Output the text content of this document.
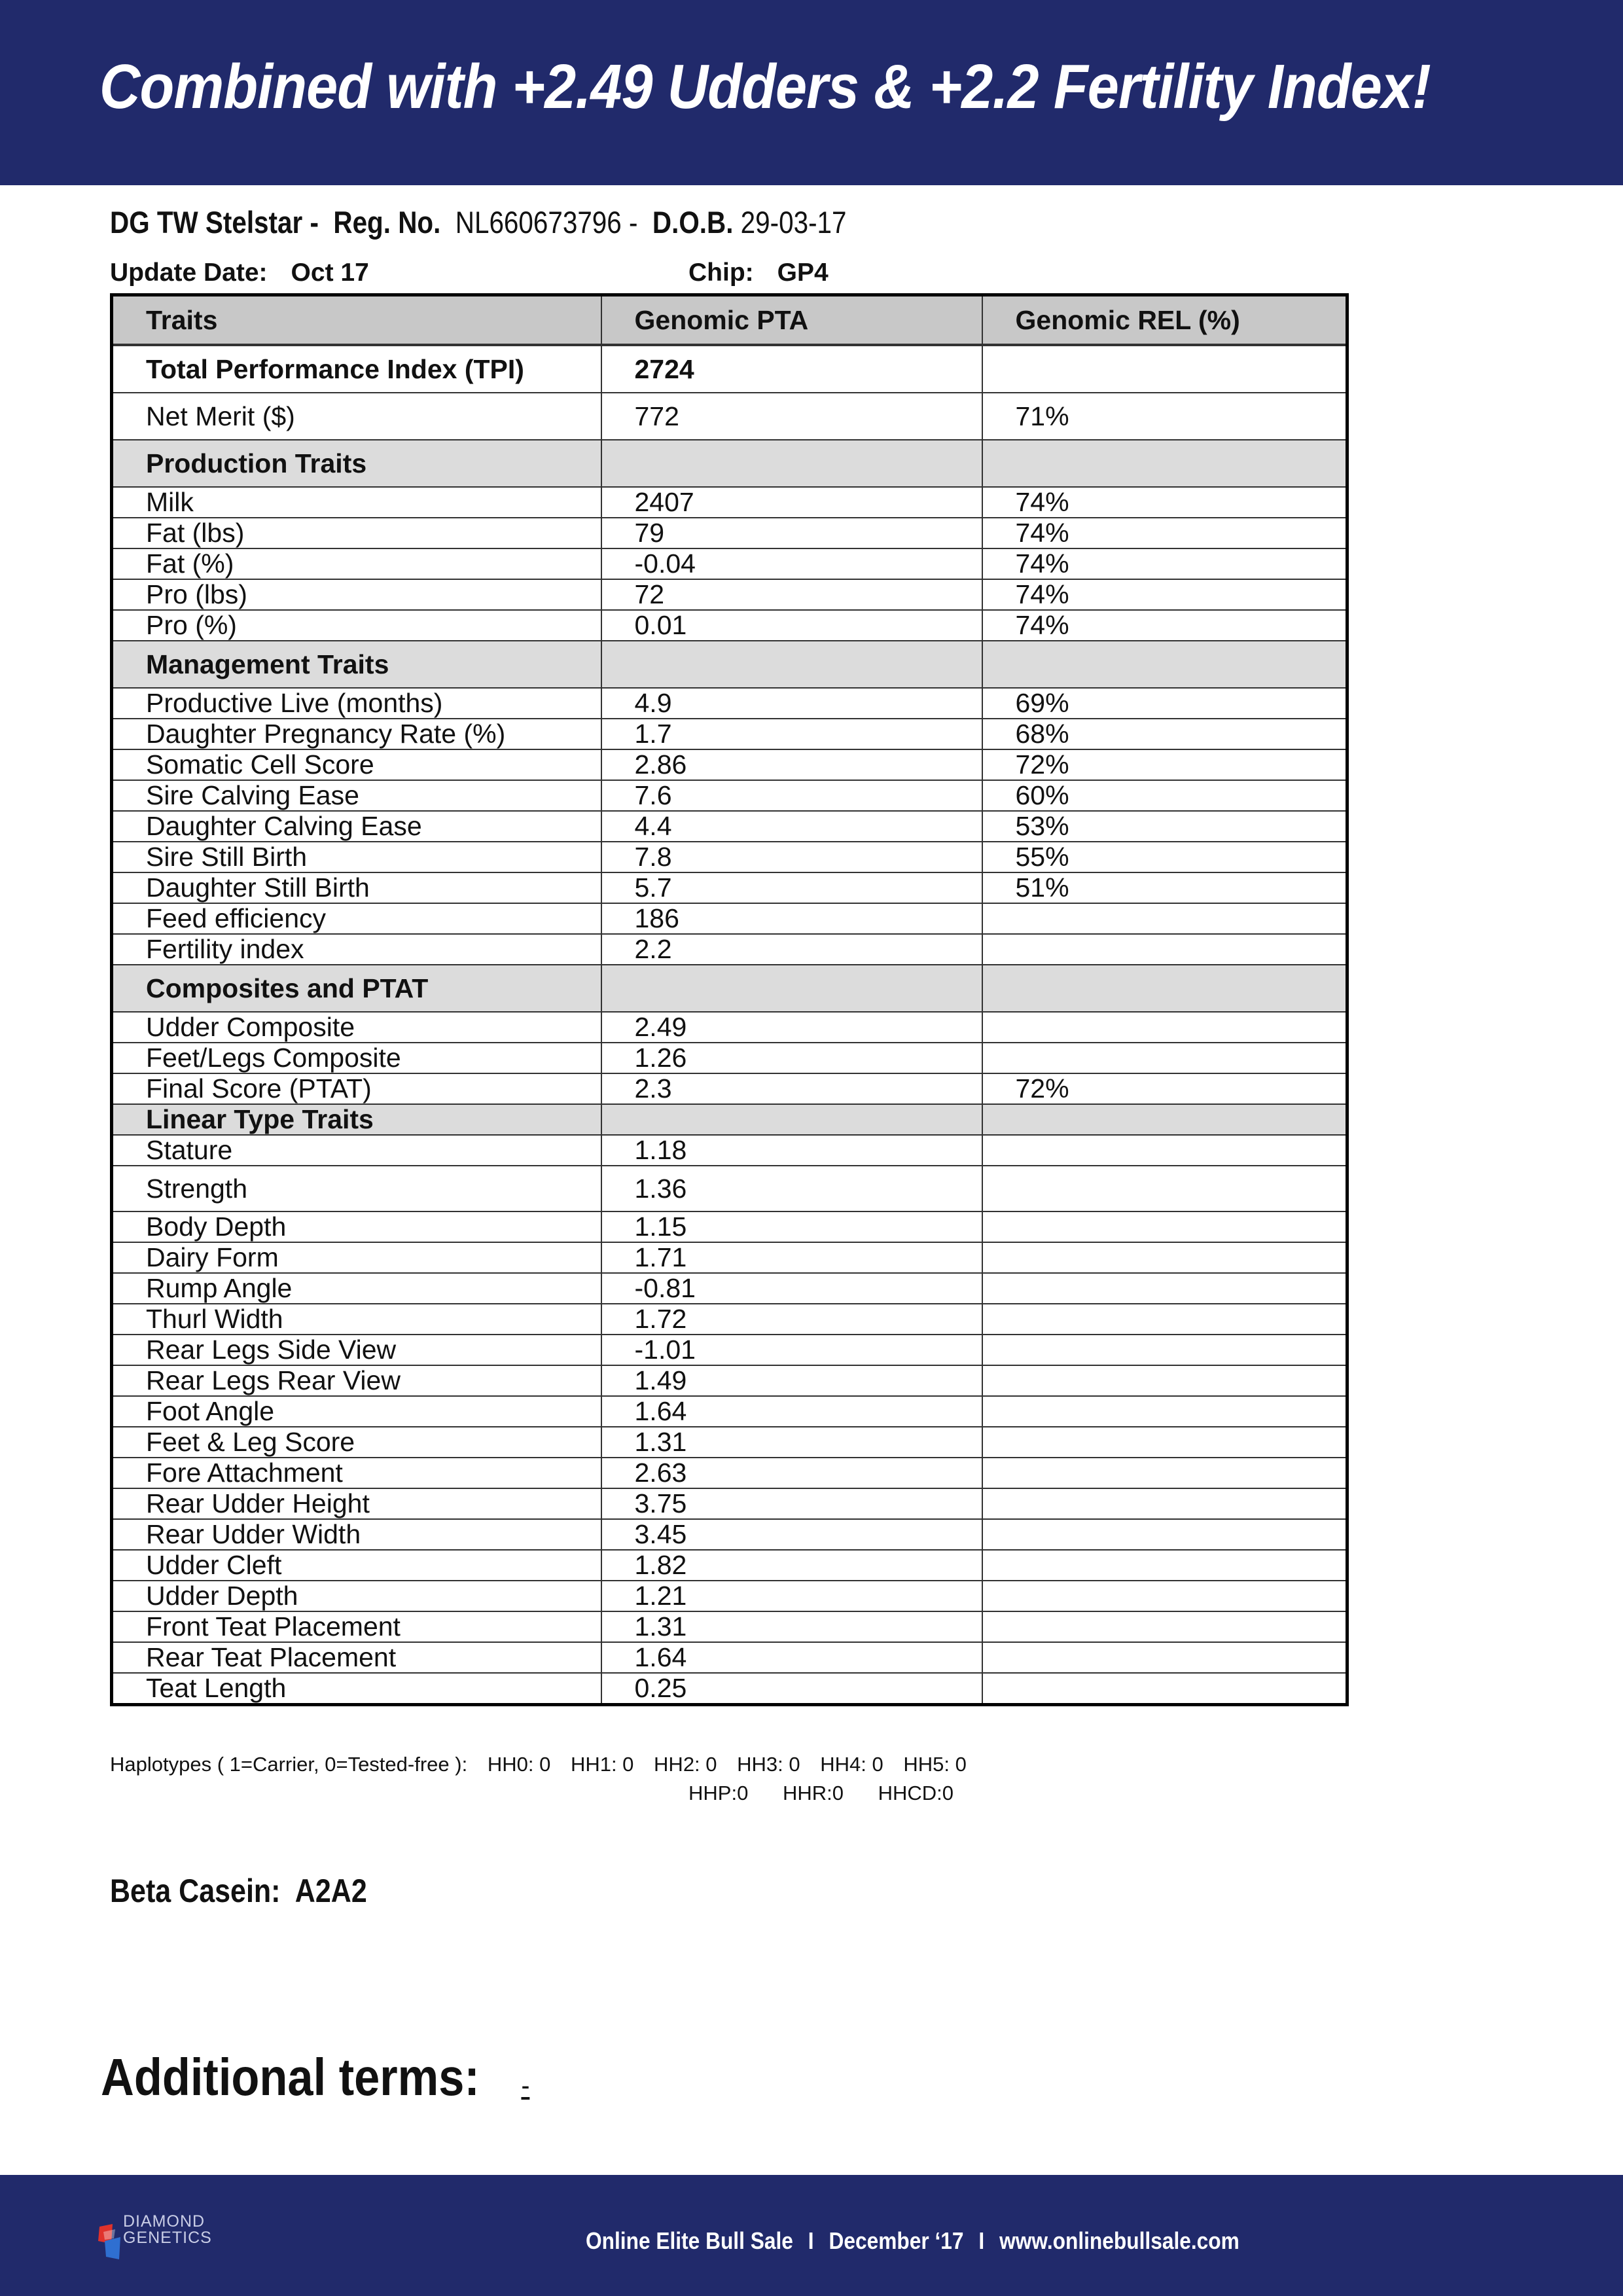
Combined with +2.49 Udders & +2.2 Fertility Index!
DG TW Stelstar - Reg. No. NL660673796 - D.O.B. 29-03-17
Update Date: Oct 17	Chip: GP4
Traits	Genomic PTA	Genomic REL (%)
Total Performance Index (TPI)	2724	
Net Merit ($)	772	71%
Production Traits		
Milk	2407	74%
Fat (lbs)	79	74%
Fat (%)	-0.04	74%
Pro (lbs)	72	74%
Pro (%)	0.01	74%
Management Traits		
Productive Live (months)	4.9	69%
Daughter Pregnancy Rate (%)	1.7	68%
Somatic Cell Score	2.86	72%
Sire Calving Ease	7.6	60%
Daughter Calving Ease	4.4	53%
Sire Still Birth	7.8	55%
Daughter Still Birth	5.7	51%
Feed efficiency	186	
Fertility index	2.2	
Composites and PTAT		
Udder Composite	2.49	
Feet/Legs Composite	1.26	
Final Score (PTAT)	2.3	72%
Linear Type Traits		
Stature	1.18	
Strength	1.36	
Body Depth	1.15	
Dairy Form	1.71	
Rump Angle	-0.81	
Thurl Width	1.72	
Rear Legs Side View	-1.01	
Rear Legs Rear View	1.49	
Foot Angle	1.64	
Feet & Leg Score	1.31	
Fore Attachment	2.63	
Rear Udder Height	3.75	
Rear Udder Width	3.45	
Udder Cleft	1.82	
Udder Depth	1.21	
Front Teat Placement	1.31	
Rear Teat Placement	1.64	
Teat Length	0.25	
Haplotypes ( 1=Carrier, 0=Tested-free ): HH0: 0 HH1: 0 HH2: 0 HH3: 0 HH4: 0 HH5: 0
HHP:0 HHR:0 HHCD:0
Beta Casein: A2A2
Additional terms: -
DIAMOND
GENETICS	Online Elite Bull Sale I December ‘17 I www.onlinebullsale.com
